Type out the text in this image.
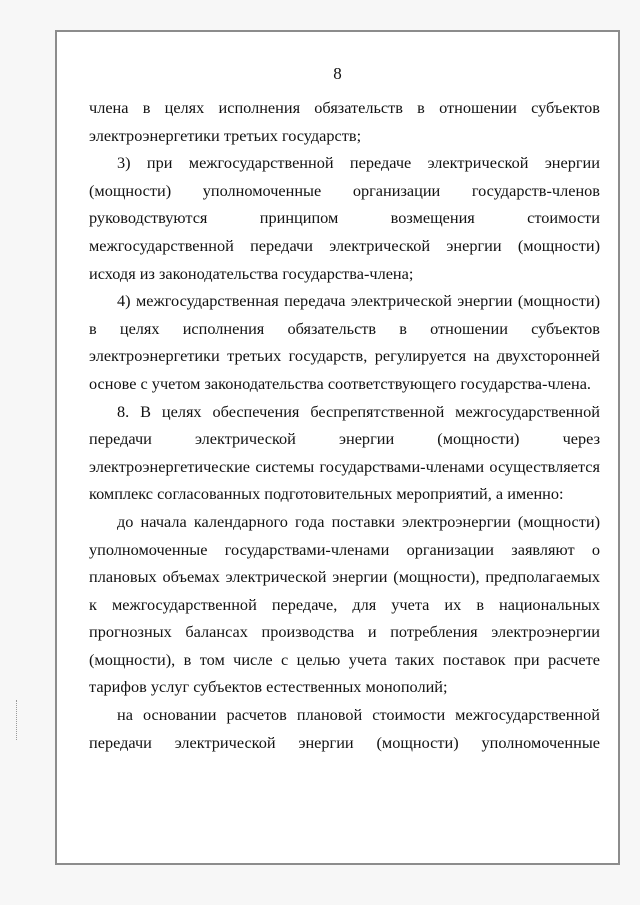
8

члена в целях исполнения обязательств в отношении субъектов электроэнергетики третьих государств;

3) при межгосударственной передаче электрической энергии (мощности) уполномоченные организации государств-членов руководствуются принципом возмещения стоимости межгосударственной передачи электрической энергии (мощности) исходя из законодательства государства-члена;

4) межгосударственная передача электрической энергии (мощности) в целях исполнения обязательств в отношении субъектов электроэнергетики третьих государств, регулируется на двухсторонней основе с учетом законодательства соответствующего государства-члена.

8. В целях обеспечения беспрепятственной межгосударственной передачи электрической энергии (мощности) через электроэнергетические системы государствами-членами осуществляется комплекс согласованных подготовительных мероприятий, а именно:

до начала календарного года поставки электроэнергии (мощности) уполномоченные государствами-членами организации заявляют о плановых объемах электрической энергии (мощности), предполагаемых к межгосударственной передаче, для учета их в национальных прогнозных балансах производства и потребления электроэнергии (мощности), в том числе с целью учета таких поставок при расчете тарифов услуг субъектов естественных монополий;

на основании расчетов плановой стоимости межгосударственной передачи электрической энергии (мощности) уполномоченные
